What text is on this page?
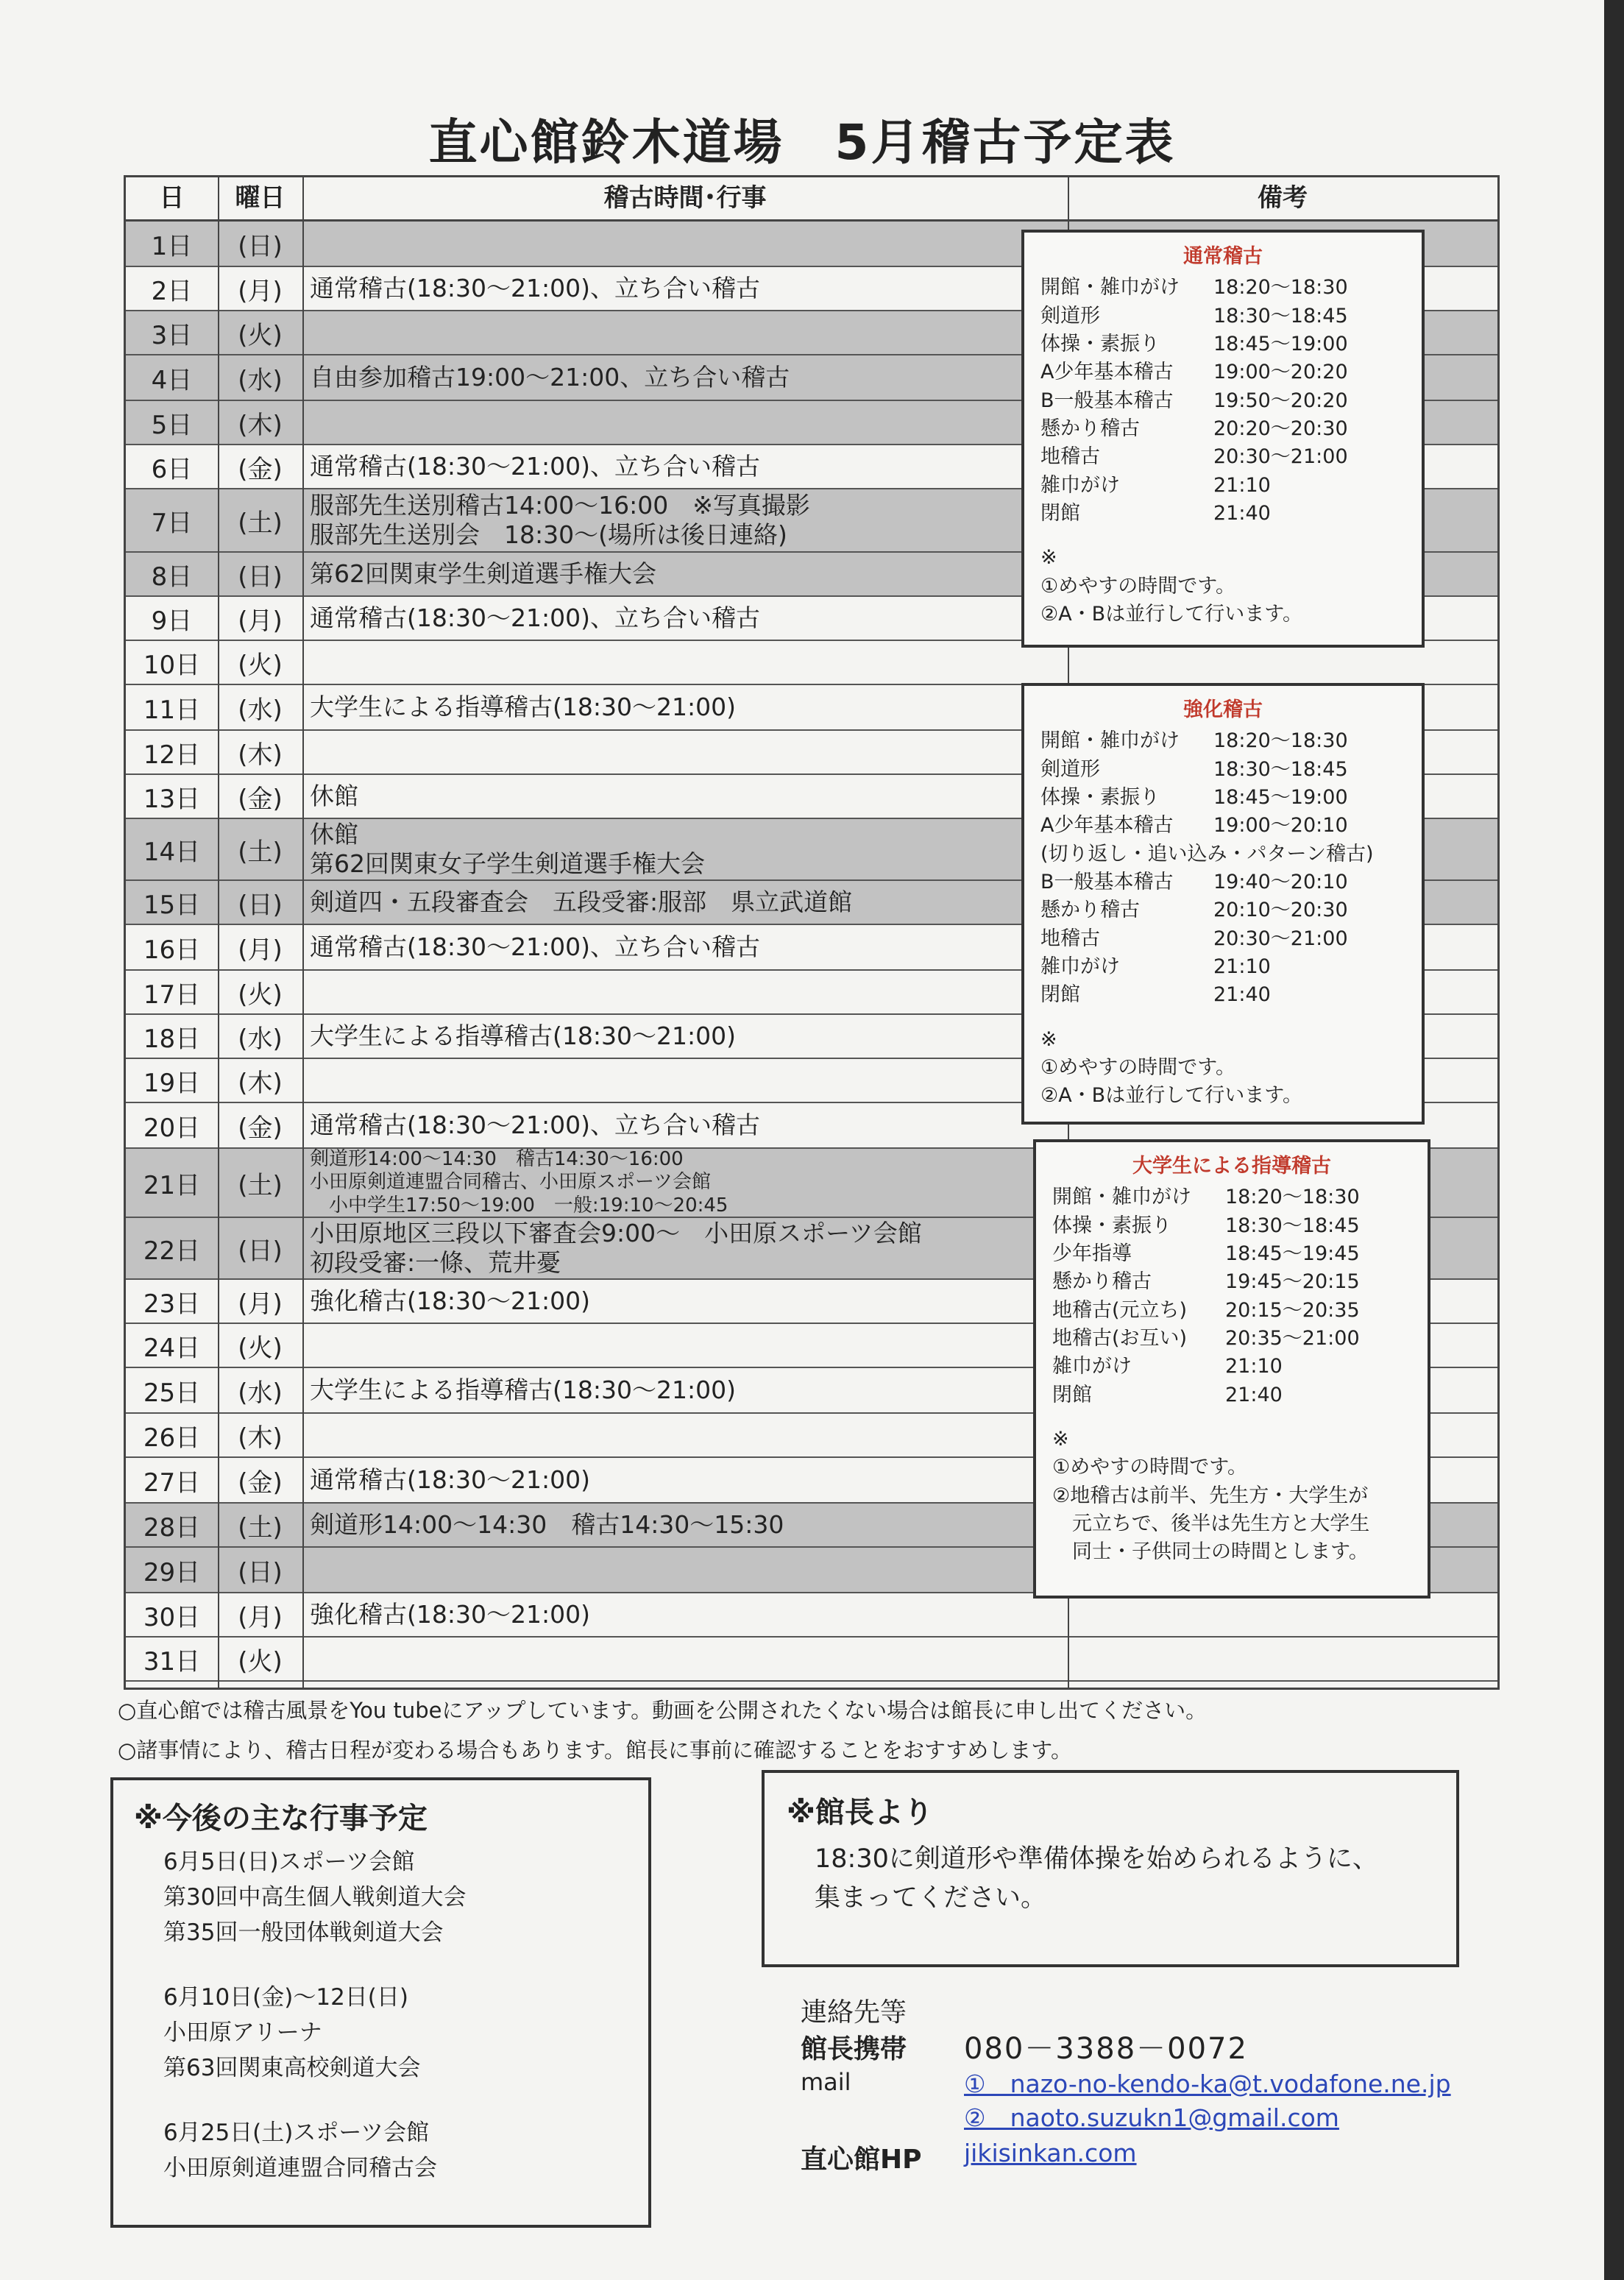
直心館鈴木道場　5月稽古予定表
日	曜日	稽古時間･行事	備考
1日	(日)
2日	(月)	通常稽古(18:30～21:00)、立ち合い稽古
3日	(火)
4日	(水)	自由参加稽古19:00～21:00、立ち合い稽古
5日	(木)
6日	(金)	通常稽古(18:30～21:00)、立ち合い稽古
7日	(土)
服部先生送別稽古14:00～16:00　※写真撮影
服部先生送別会　18:30～(場所は後日連絡)
8日	(日)	第62回関東学生剣道選手権大会
9日	(月)	通常稽古(18:30～21:00)、立ち合い稽古
10日	(火)
11日	(水)	大学生による指導稽古(18:30～21:00)
12日	(木)
13日	(金)	休館
14日	(土)
休館
第62回関東女子学生剣道選手権大会
15日	(日)	剣道四・五段審査会　五段受審:服部　県立武道館
16日	(月)	通常稽古(18:30～21:00)、立ち合い稽古
17日	(火)
18日	(水)	大学生による指導稽古(18:30～21:00)
19日	(木)
20日	(金)	通常稽古(18:30～21:00)、立ち合い稽古
21日	(土)
剣道形14:00～14:30　稽古14:30～16:00
小田原剣道連盟合同稽古、小田原スポーツ会館
　小中学生17:50～19:00　一般:19:10～20:45
22日	(日)
小田原地区三段以下審査会9:00～　小田原スポーツ会館
初段受審:一條、荒井憂
23日	(月)	強化稽古(18:30～21:00)
24日	(火)
25日	(水)	大学生による指導稽古(18:30～21:00)
26日	(木)
27日	(金)	通常稽古(18:30～21:00)
28日	(土)	剣道形14:00～14:30　稽古14:30～15:30
29日	(日)
30日	(月)	強化稽古(18:30～21:00)
31日	(火)
通常稽古
開館・雑巾がけ	18:20～18:30
剣道形	18:30～18:45
体操・素振り	18:45～19:00
A少年基本稽古	19:00～20:20
B一般基本稽古	19:50～20:20
懸かり稽古	20:20～20:30
地稽古	20:30～21:00
雑巾がけ	21:10
閉館	21:40
※
①めやすの時間です。
②A・Bは並行して行います。
強化稽古
開館・雑巾がけ	18:20～18:30
剣道形	18:30～18:45
体操・素振り	18:45～19:00
A少年基本稽古	19:00～20:10
(切り返し・追い込み・パターン稽古)
B一般基本稽古	19:40～20:10
懸かり稽古	20:10～20:30
地稽古	20:30～21:00
雑巾がけ	21:10
閉館	21:40
※
①めやすの時間です。
②A・Bは並行して行います。
大学生による指導稽古
開館・雑巾がけ	18:20～18:30
体操・素振り	18:30～18:45
少年指導	18:45～19:45
懸かり稽古	19:45～20:15
地稽古(元立ち)	20:15～20:35
地稽古(お互い)	20:35～21:00
雑巾がけ	21:10
閉館	21:40
※
①めやすの時間です。
②地稽古は前半、先生方・大学生が
　元立ちで、後半は先生方と大学生
　同士・子供同士の時間とします。
○直心館では稽古風景をYou tubeにアップしています。動画を公開されたくない場合は館長に申し出てください。
○諸事情により、稽古日程が変わる場合もあります。館長に事前に確認することをおすすめします。
※今後の主な行事予定
6月5日(日)スポーツ会館
第30回中高生個人戦剣道大会
第35回一般団体戦剣道大会
6月10日(金)～12日(日)
小田原アリーナ
第63回関東高校剣道大会
6月25日(土)スポーツ会館
小田原剣道連盟合同稽古会
※館長より
18:30に剣道形や準備体操を始められるように、
集まってください。
連絡先等
館長携帯 080－3388－0072
mail	①　nazo-no-kendo-ka@t.vodafone.ne.jp
②　naoto.suzukn1@gmail.com
直心館HP jikisinkan.com
